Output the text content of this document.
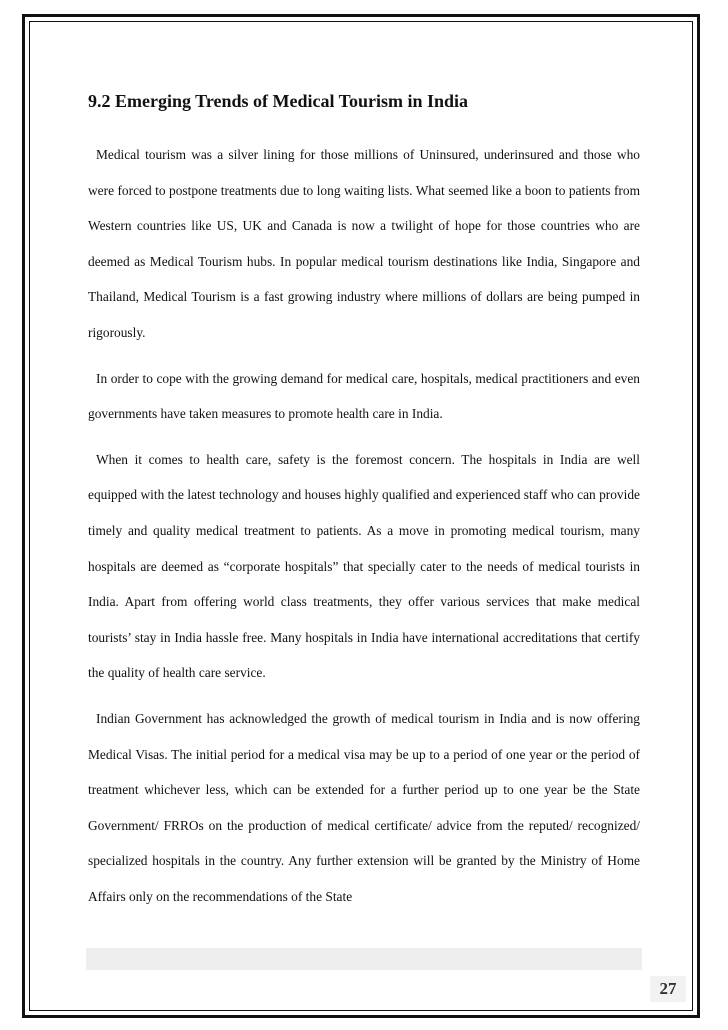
9.2 Emerging Trends of Medical Tourism in India

Medical tourism was a silver lining for those millions of Uninsured, underinsured and those who were forced to postpone treatments due to long waiting lists. What seemed like a boon to patients from Western countries like US, UK and Canada is now a twilight of hope for those countries who are deemed as Medical Tourism hubs. In popular medical tourism destinations like India, Singapore and Thailand, Medical Tourism is a fast growing industry where millions of dollars are being pumped in rigorously.

In order to cope with the growing demand for medical care, hospitals, medical practitioners and even governments have taken measures to promote health care in India.

When it comes to health care, safety is the foremost concern. The hospitals in India are well equipped with the latest technology and houses highly qualified and experienced staff who can provide timely and quality medical treatment to patients. As a move in promoting medical tourism, many hospitals are deemed as “corporate hospitals” that specially cater to the needs of medical tourists in India. Apart from offering world class treatments, they offer various services that make medical tourists’ stay in India hassle free. Many hospitals in India have international accreditations that certify the quality of health care service.

Indian Government has acknowledged the growth of medical tourism in India and is now offering Medical Visas. The initial period for a medical visa may be up to a period of one year or the period of treatment whichever less, which can be extended for a further period up to one year be the State Government/ FRROs on the production of medical certificate/ advice from the reputed/ recognized/ specialized hospitals in the country. Any further extension will be granted by the Ministry of Home Affairs only on the recommendations of the State

27
